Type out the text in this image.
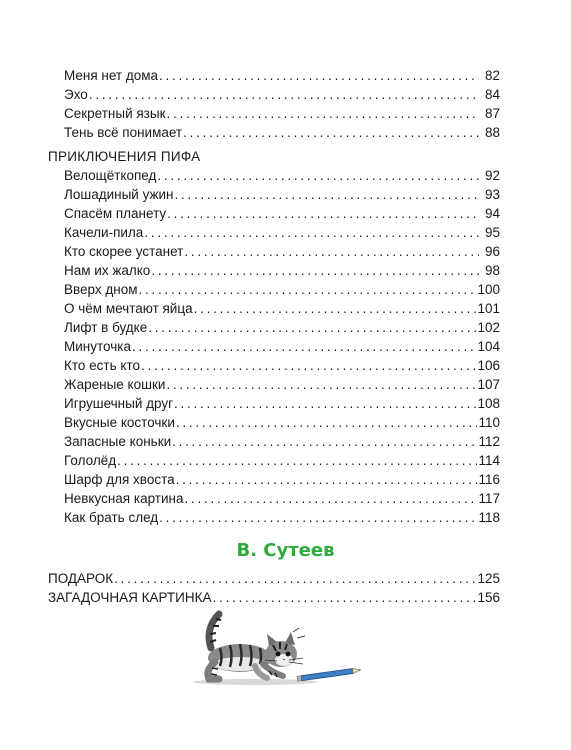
Меня нет дома . . .	82
Эхо . . .	84
Секретный язык . . .	87
Тень всё понимает . . .	88
ПРИКЛЮЧЕНИЯ ПИФА
Велощёткопед . . .	92
Лошадиный ужин . . .	93
Спасём планету . . .	94
Качели-пила . . .	95
Кто скорее устанет . . .	96
Нам их жалко . . .	98
Вверх дном . . .	100
О чём мечтают яйца . . .	101
Лифт в будке . . .	102
Минуточка . . .	104
Кто есть кто . . .	106
Жареные кошки . . .	107
Игрушечный друг . . .	108
Вкусные косточки . . .	110
Запасные коньки . . .	112
Гололёд . . .	114
Шарф для хвоста . . .	116
Невкусная картина . . .	117
Как брать след . . .	118
В. Сутеев
ПОДАРОК . . .	125
ЗАГАДОЧНАЯ КАРТИНКА . . .	156
